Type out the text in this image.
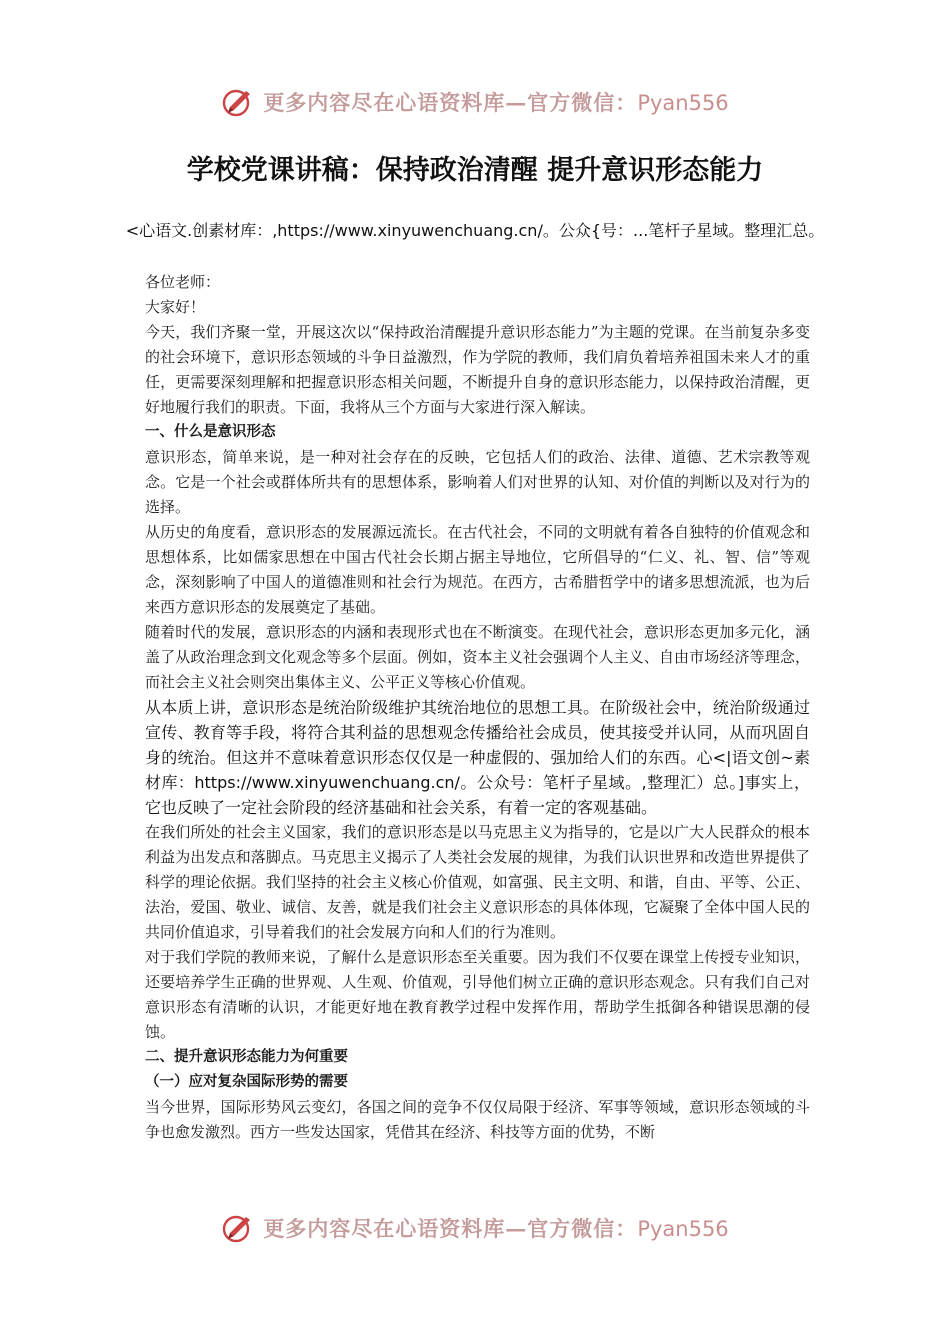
更多内容尽在心语资料库—官方微信：Pyan556
学校党课讲稿：保持政治清醒 提升意识形态能力
<心语文.创素材库：,https://www.xinyuwenchuang.cn/。公众{号：...笔杆子星域。整理汇总。

各位老师：

大家好！

今天，我们齐聚一堂，开展这次以“保持政治清醒提升意识形态能力”为主题的党课。在当前复杂多变的社会环境下，意识形态领域的斗争日益激烈，作为学院的教师，我们肩负着培养祖国未来人才的重任，更需要深刻理解和把握意识形态相关问题，不断提升自身的意识形态能力，以保持政治清醒，更好地履行我们的职责。下面，我将从三个方面与大家进行深入解读。

一、什么是意识形态

意识形态，简单来说，是一种对社会存在的反映，它包括人们的政治、法律、道德、艺术宗教等观念。它是一个社会或群体所共有的思想体系，影响着人们对世界的认知、对价值的判断以及对行为的选择。

从历史的角度看，意识形态的发展源远流长。在古代社会，不同的文明就有着各自独特的价值观念和思想体系，比如儒家思想在中国古代社会长期占据主导地位，它所倡导的“仁义、礼、智、信”等观念，深刻影响了中国人的道德准则和社会行为规范。在西方，古希腊哲学中的诸多思想流派，也为后来西方意识形态的发展奠定了基础。

随着时代的发展，意识形态的内涵和表现形式也在不断演变。在现代社会，意识形态更加多元化，涵盖了从政治理念到文化观念等多个层面。例如，资本主义社会强调个人主义、自由市场经济等理念，而社会主义社会则突出集体主义、公平正义等核心价值观。

从本质上讲，意识形态是统治阶级维护其统治地位的思想工具。在阶级社会中，统治阶级通过宣传、教育等手段，将符合其利益的思想观念传播给社会成员，使其接受并认同，从而巩固自身的统治。但这并不意味着意识形态仅仅是一种虚假的、强加给人们的东西。心<|语文创~素材库：https://www.xinyuwenchuang.cn/。公众号：笔杆子星域。,整理汇）总。]事实上，它也反映了一定社会阶段的经济基础和社会关系，有着一定的客观基础。

在我们所处的社会主义国家，我们的意识形态是以马克思主义为指导的，它是以广大人民群众的根本利益为出发点和落脚点。马克思主义揭示了人类社会发展的规律，为我们认识世界和改造世界提供了科学的理论依据。我们坚持的社会主义核心价值观，如富强、民主文明、和谐，自由、平等、公正、法治，爱国、敬业、诚信、友善，就是我们社会主义意识形态的具体体现，它凝聚了全体中国人民的共同价值追求，引导着我们的社会发展方向和人们的行为准则。

对于我们学院的教师来说，了解什么是意识形态至关重要。因为我们不仅要在课堂上传授专业知识，还要培养学生正确的世界观、人生观、价值观，引导他们树立正确的意识形态观念。只有我们自己对意识形态有清晰的认识，才能更好地在教育教学过程中发挥作用，帮助学生抵御各种错误思潮的侵蚀。

二、提升意识形态能力为何重要

（一）应对复杂国际形势的需要

当今世界，国际形势风云变幻，各国之间的竞争不仅仅局限于经济、军事等领域，意识形态领域的斗争也愈发激烈。西方一些发达国家，凭借其在经济、科技等方面的优势，不断

更多内容尽在心语资料库—官方微信：Pyan556
